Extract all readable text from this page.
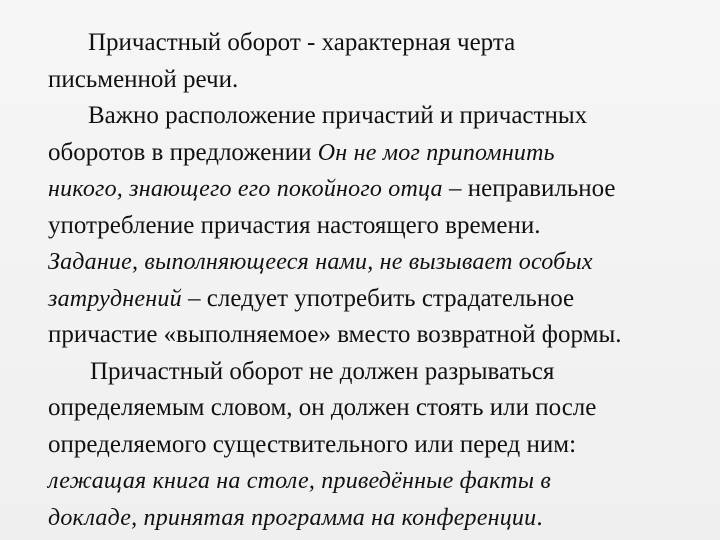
Причастный оборот - характерная черта
письменной речи.
Важно расположение причастий и причастных
оборотов в предложении Он не мог припомнить
никого, знающего его покойного отца – неправильное
употребление причастия настоящего времени.
Задание, выполняющееся нами, не вызывает особых
затруднений – следует употребить страдательное
причастие «выполняемое» вместо возвратной формы.
Причастный оборот не должен разрываться
определяемым словом, он должен стоять или после
определяемого существительного или перед ним:
лежащая книга на столе, приведённые факты в
докладе, принятая программа на конференции.
